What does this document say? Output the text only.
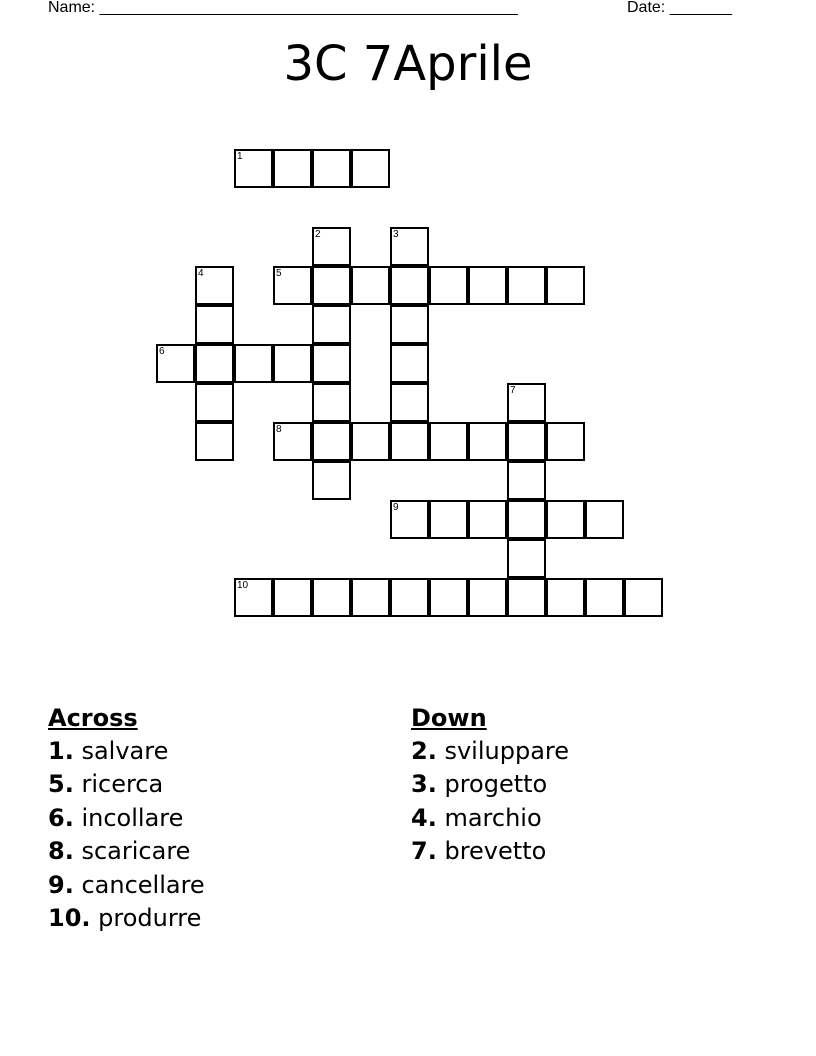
Name: _______________________________________________	Date: _______
3C 7Aprile
1
2	3
4	5
6
7
8
9
10
Across
1. salvare
5. ricerca
6. incollare
8. scaricare
9. cancellare
10. produrre
Down
2. sviluppare
3. progetto
4. marchio
7. brevetto
